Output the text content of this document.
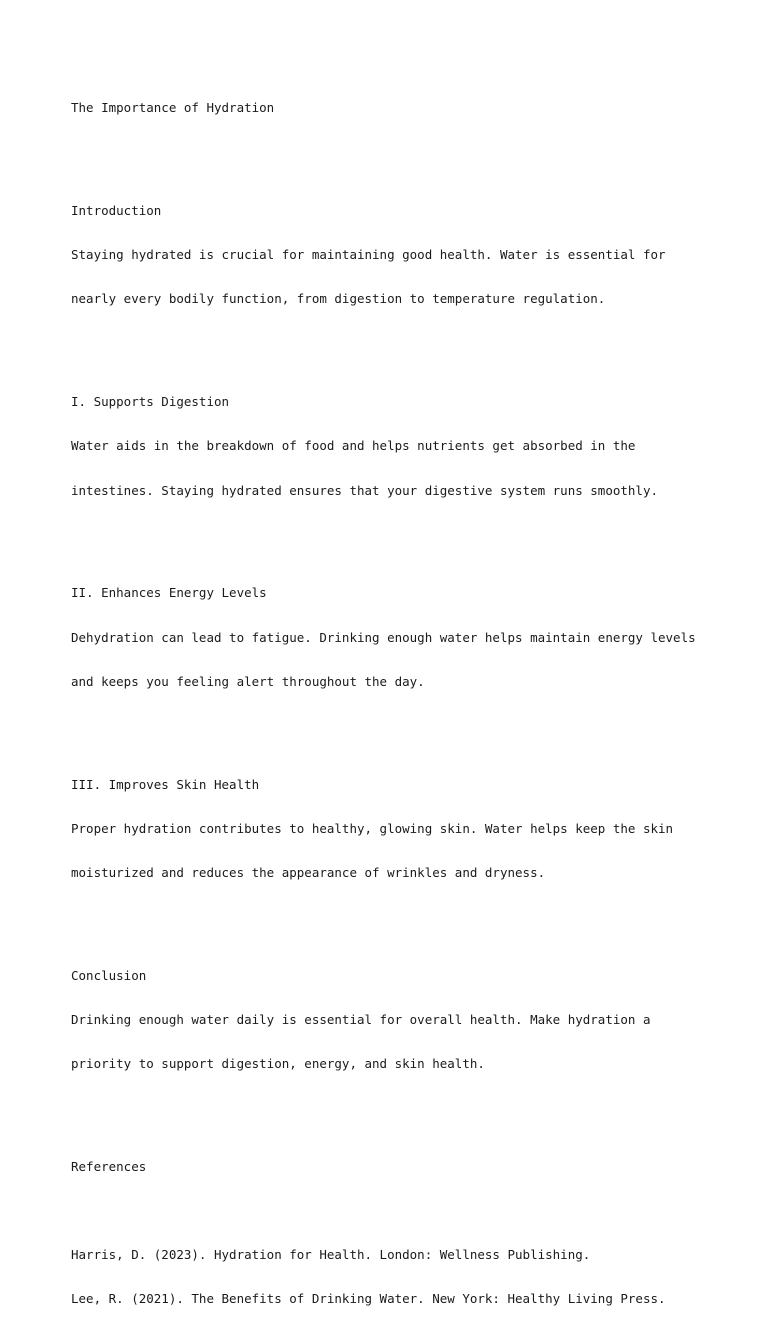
The Importance of Hydration

Introduction

Staying hydrated is crucial for maintaining good health. Water is essential for

nearly every bodily function, from digestion to temperature regulation.

I. Supports Digestion

Water aids in the breakdown of food and helps nutrients get absorbed in the

intestines. Staying hydrated ensures that your digestive system runs smoothly.

II. Enhances Energy Levels

Dehydration can lead to fatigue. Drinking enough water helps maintain energy levels

and keeps you feeling alert throughout the day.

III. Improves Skin Health

Proper hydration contributes to healthy, glowing skin. Water helps keep the skin

moisturized and reduces the appearance of wrinkles and dryness.

Conclusion

Drinking enough water daily is essential for overall health. Make hydration a

priority to support digestion, energy, and skin health.

References

Harris, D. (2023). Hydration for Health. London: Wellness Publishing.

Lee, R. (2021). The Benefits of Drinking Water. New York: Healthy Living Press.
